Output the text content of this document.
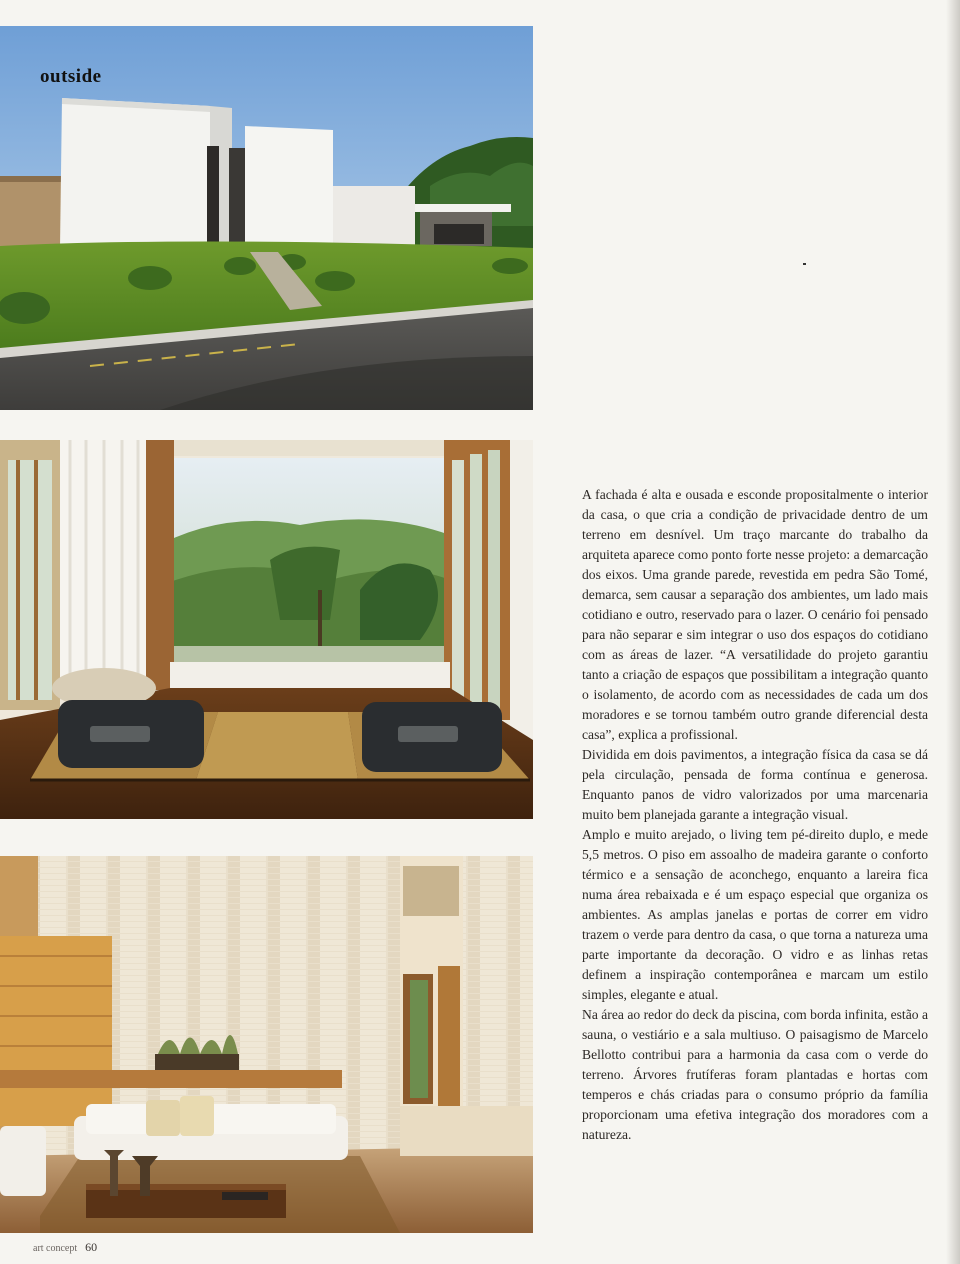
outside

A fachada é alta e ousada e esconde propositalmente o interior da casa, o que cria a condição de privacidade dentro de um terreno em desnível. Um traço marcante do trabalho da arquiteta aparece como ponto forte nesse projeto: a demarcação dos eixos. Uma grande parede, revestida em pedra São Tomé, demarca, sem causar a separação dos ambientes, um lado mais cotidiano e outro, reservado para o lazer. O cenário foi pensado para não separar e sim integrar o uso dos espaços do cotidiano com as áreas de lazer. “A versatilidade do projeto garantiu tanto a criação de espaços que possibilitam a integração quanto o isolamento, de acordo com as necessidades de cada um dos moradores e se tornou também outro grande diferencial desta casa”, explica a profissional.

Dividida em dois pavimentos, a integração física da casa se dá pela circulação, pensada de forma contínua e generosa. Enquanto panos de vidro valorizados por uma marcenaria muito bem planejada garante a integração visual.

Amplo e muito arejado, o living tem pé-direito duplo, e mede 5,5 metros. O piso em assoalho de madeira garante o conforto térmico e a sensação de aconchego, enquanto a lareira fica numa área rebaixada e é um espaço especial que organiza os ambientes. As amplas janelas e portas de correr em vidro trazem o verde para dentro da casa, o que torna a natureza uma parte importante da decoração. O vidro e as linhas retas definem a inspiração contemporânea e marcam um estilo simples, elegante e atual.

Na área ao redor do deck da piscina, com borda infinita, estão a sauna, o vestiário e a sala multiuso. O paisagismo de Marcelo Bellotto contribui para a harmonia da casa com o verde do terreno. Árvores frutíferas foram plantadas e hortas com temperos e chás criadas para o consumo próprio da família proporcionam uma efetiva integração dos moradores com a natureza.

art concept 60
